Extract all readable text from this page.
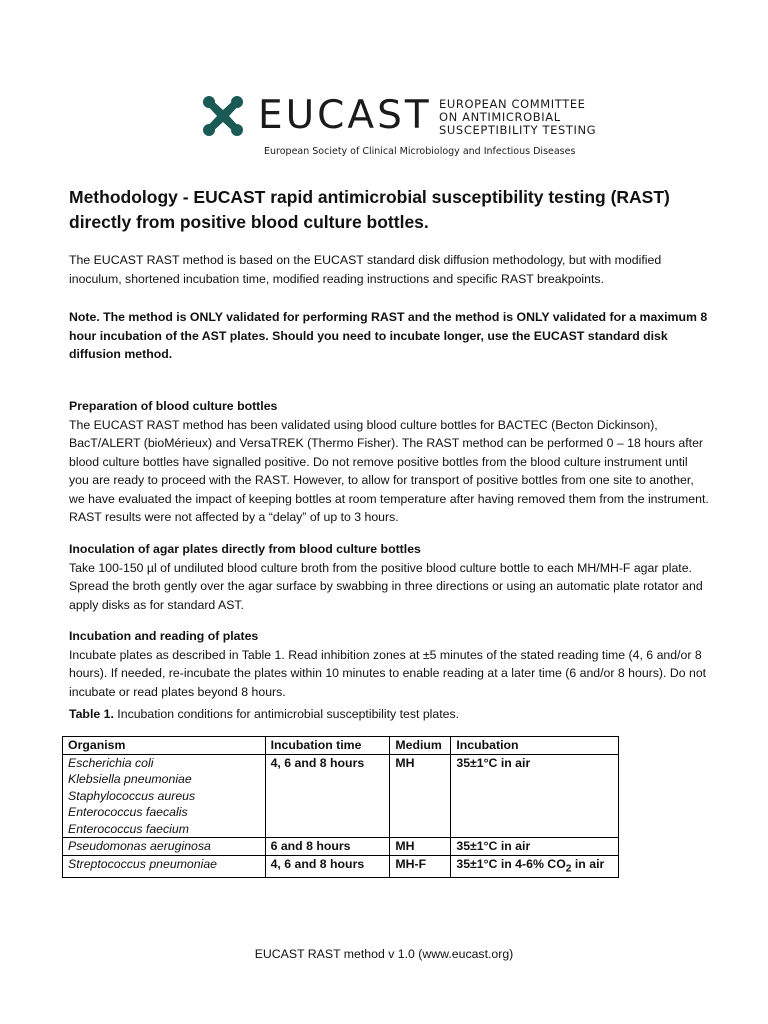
EUCAST EUROPEAN COMMITTEE
ON ANTIMICROBIAL
SUSCEPTIBILITY TESTING
European Society of Clinical Microbiology and Infectious Diseases
Methodology - EUCAST rapid antimicrobial susceptibility testing (RAST) directly from positive blood culture bottles.

The EUCAST RAST method is based on the EUCAST standard disk diffusion methodology, but with modified inoculum, shortened incubation time, modified reading instructions and specific RAST breakpoints.

Note. The method is ONLY validated for performing RAST and the method is ONLY validated for a maximum 8 hour incubation of the AST plates. Should you need to incubate longer, use the EUCAST standard disk diffusion method.

Preparation of blood culture bottles
The EUCAST RAST method has been validated using blood culture bottles for BACTEC (Becton Dickinson), BacT/ALERT (bioMérieux) and VersaTREK (Thermo Fisher). The RAST method can be performed 0 – 18 hours after blood culture bottles have signalled positive. Do not remove positive bottles from the blood culture instrument until you are ready to proceed with the RAST. However, to allow for transport of positive bottles from one site to another, we have evaluated the impact of keeping bottles at room temperature after having removed them from the instrument. RAST results were not affected by a “delay” of up to 3 hours.
Inoculation of agar plates directly from blood culture bottles
Take 100-150 µl of undiluted blood culture broth from the positive blood culture bottle to each MH/MH-F agar plate. Spread the broth gently over the agar surface by swabbing in three directions or using an automatic plate rotator and apply disks as for standard AST.
Incubation and reading of plates
Incubate plates as described in Table 1. Read inhibition zones at ±5 minutes of the stated reading time (4, 6 and/or 8 hours). If needed, re-incubate the plates within 10 minutes to enable reading at a later time (6 and/or 8 hours). Do not incubate or read plates beyond 8 hours.

Table 1. Incubation conditions for antimicrobial susceptibility test plates.

Organism	Incubation time	Medium	Incubation

Escherichia coli
Klebsiella pneumoniae
Staphylococcus aureus
Enterococcus faecalis
Enterococcus faecium	4, 6 and 8 hours	MH	35±1°C in air

Pseudomonas aeruginosa	6 and 8 hours	MH	35±1°C in air

Streptococcus pneumoniae	4, 6 and 8 hours	MH-F	35±1°C in 4-6% $CO_2$ in air
EUCAST RAST method v 1.0 (www.eucast.org)
